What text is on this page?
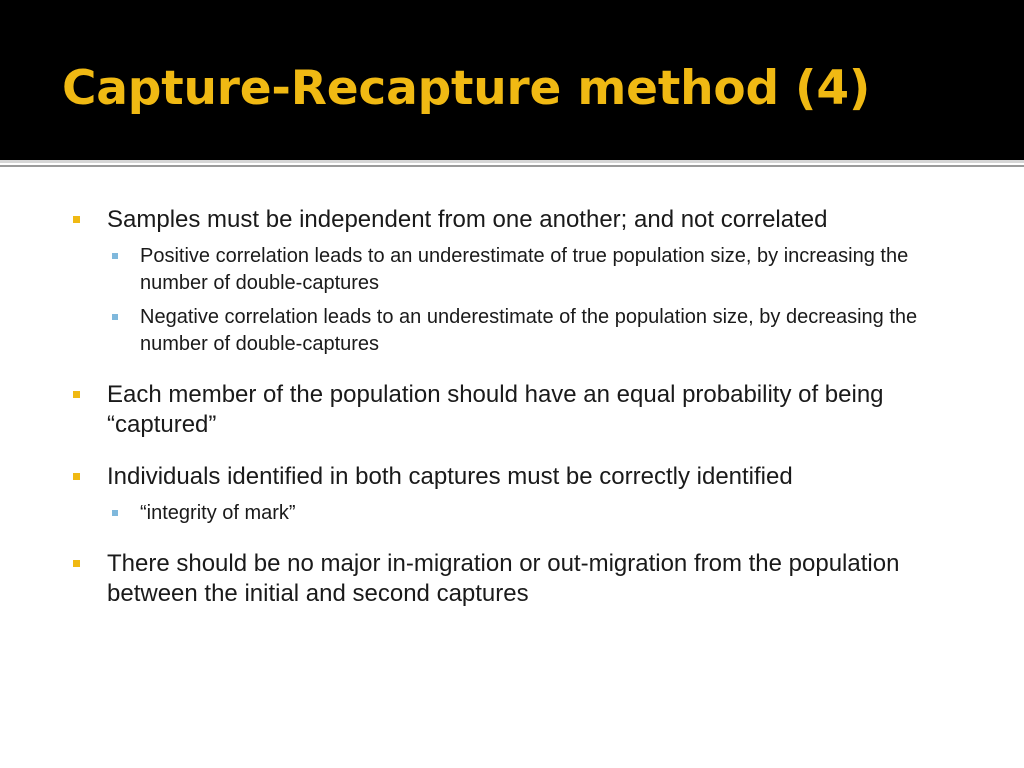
Capture-Recapture method (4)
Samples must be independent from one another; and not correlated
Positive correlation leads to an underestimate of true population size, by increasing the number of double-captures
Negative correlation leads to an underestimate of the population size, by decreasing the number of double-captures
Each member of the population should have an equal probability of being “captured”
Individuals identified in both captures must be correctly identified
“integrity of mark”
There should be no major in-migration or out-migration from the population between the initial and second captures
